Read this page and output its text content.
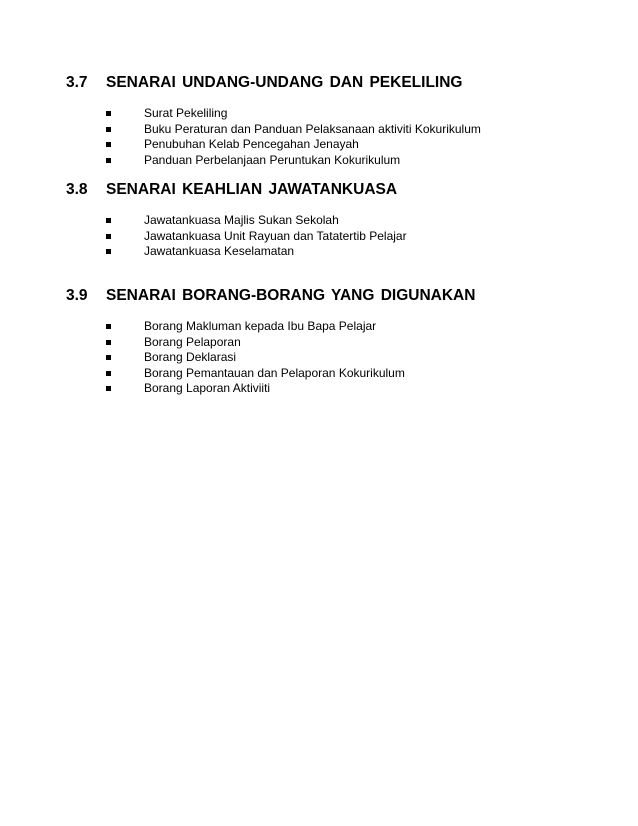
3.7 SENARAI UNDANG-UNDANG DAN PEKELILING
Surat Pekeliling
Buku Peraturan dan Panduan Pelaksanaan aktiviti Kokurikulum
Penubuhan Kelab Pencegahan Jenayah
Panduan Perbelanjaan Peruntukan Kokurikulum
3.8 SENARAI KEAHLIAN JAWATANKUASA
Jawatankuasa Majlis Sukan Sekolah
Jawatankuasa Unit Rayuan dan Tatatertib Pelajar
Jawatankuasa Keselamatan
3.9 SENARAI BORANG-BORANG YANG DIGUNAKAN
Borang Makluman kepada Ibu Bapa Pelajar
Borang Pelaporan
Borang Deklarasi
Borang Pemantauan dan Pelaporan Kokurikulum
Borang Laporan Aktiviiti
